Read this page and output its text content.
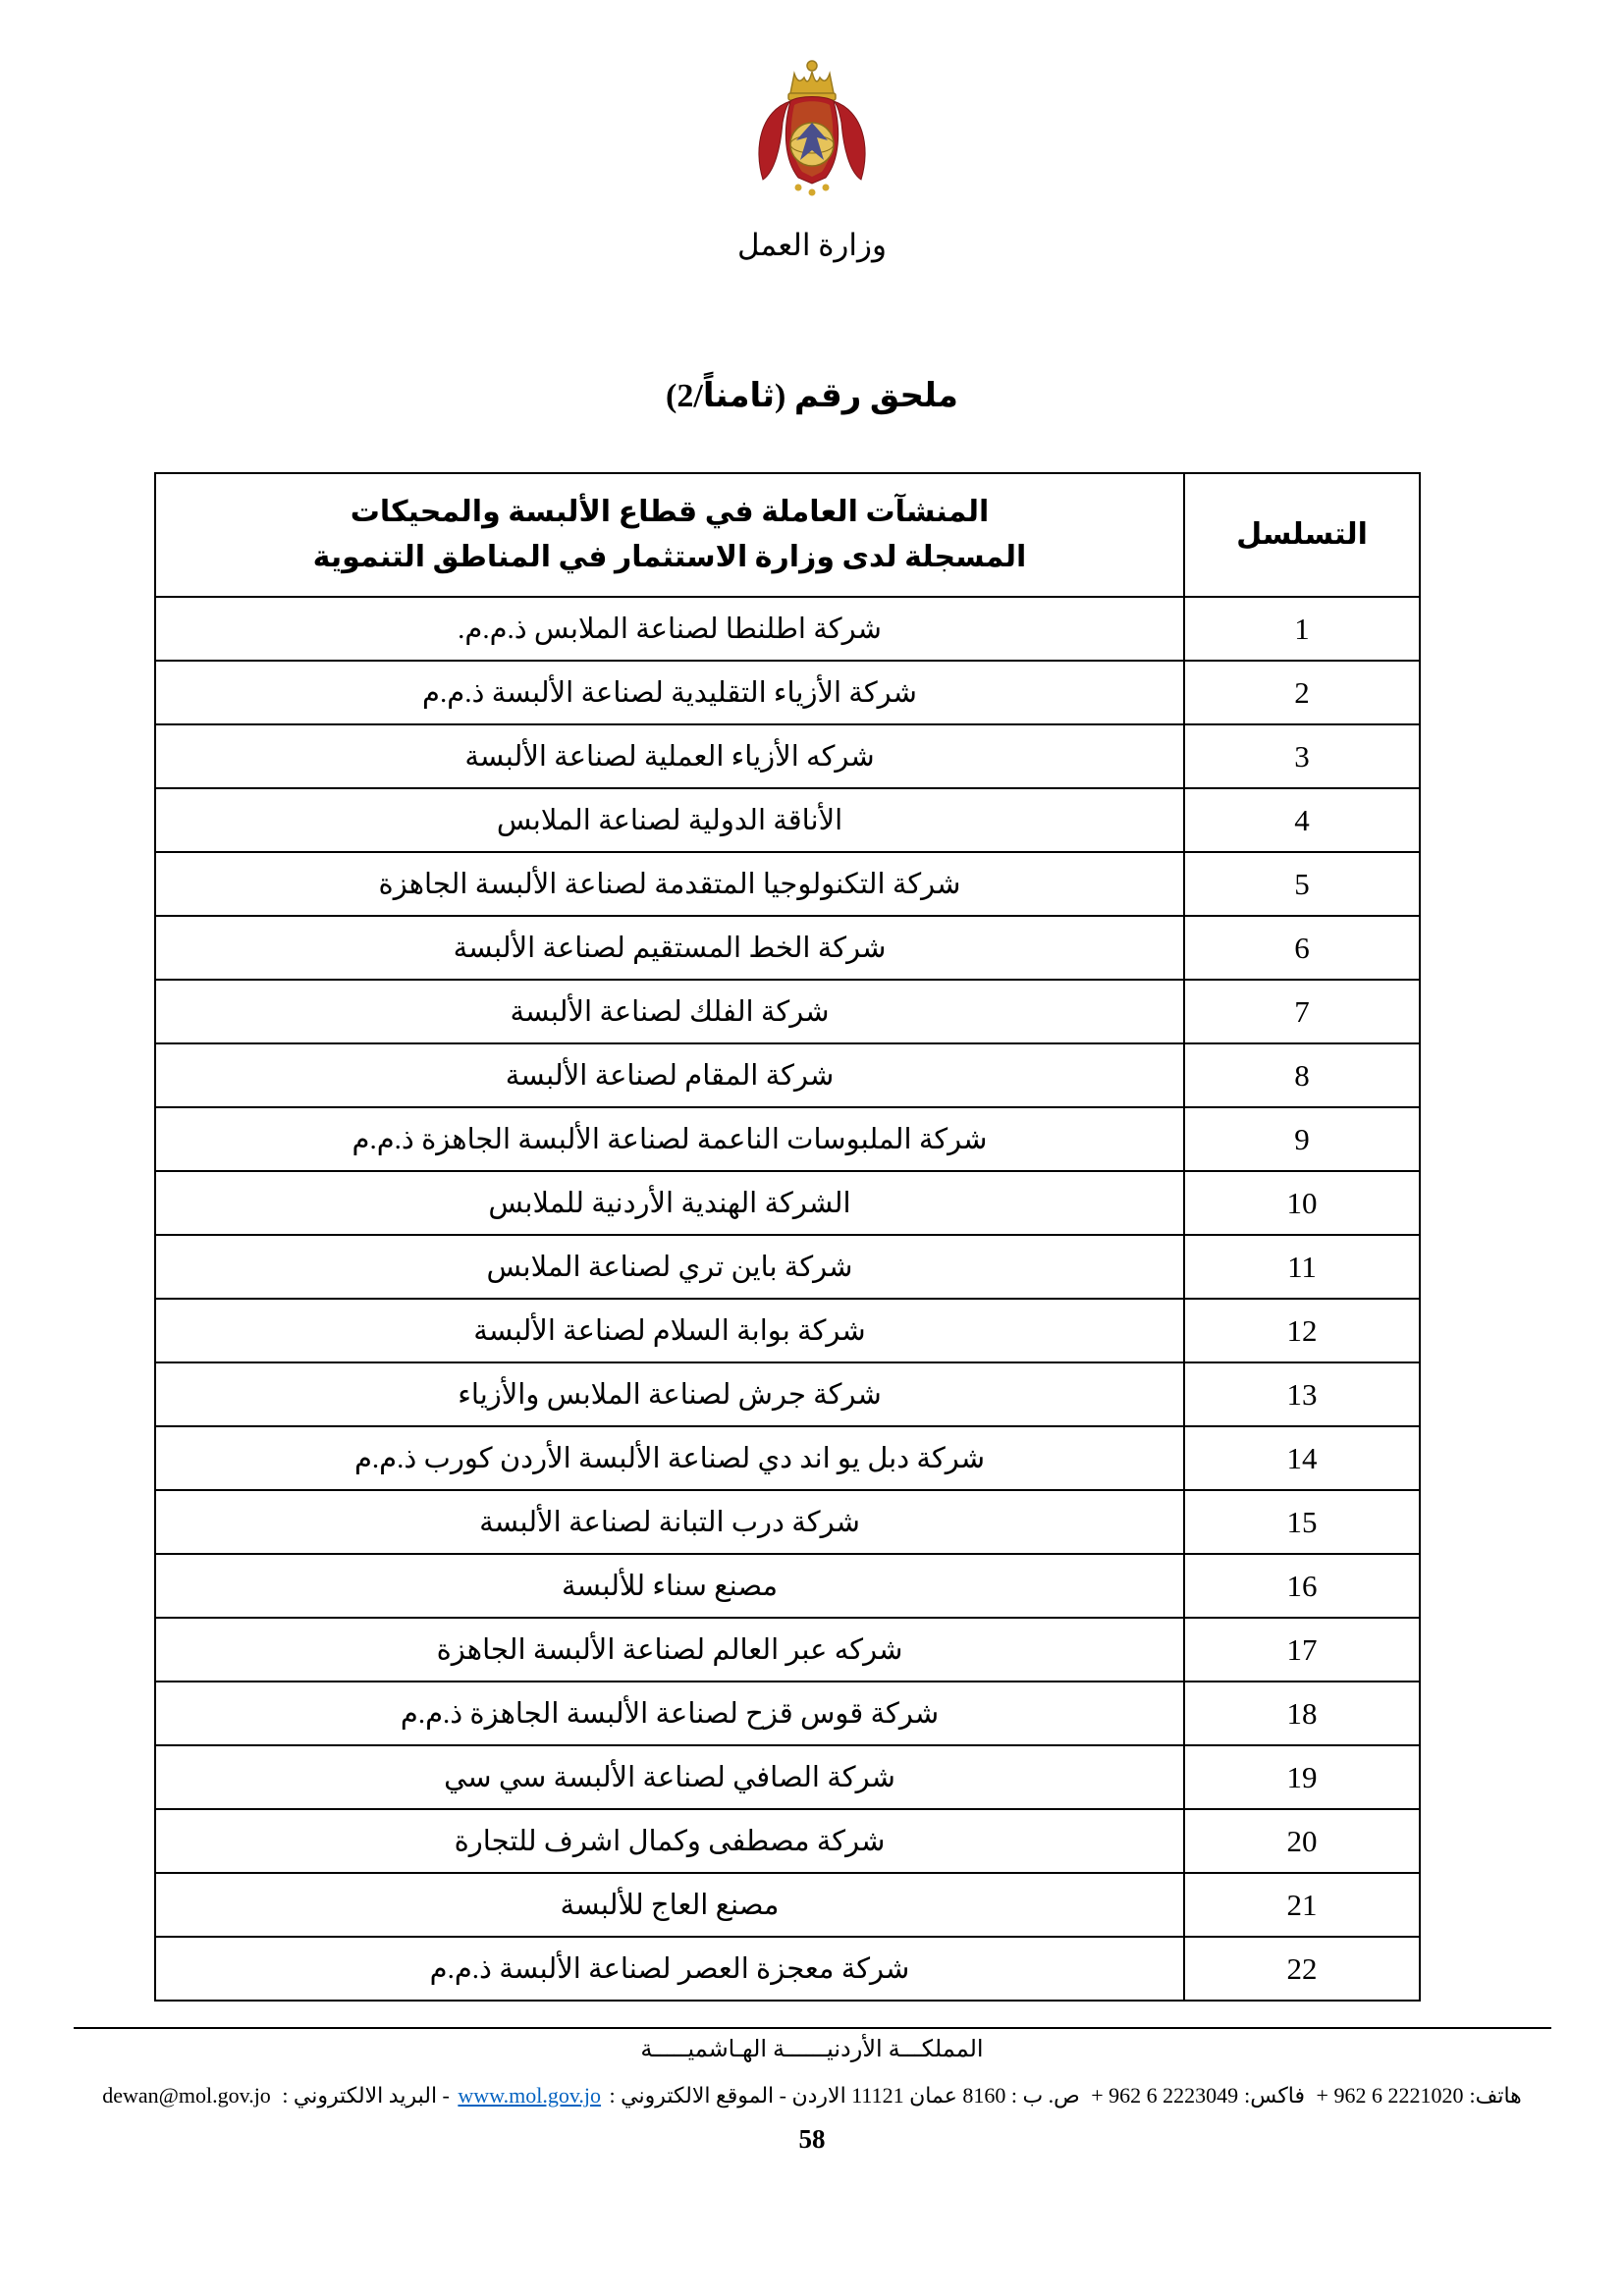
وزارة العمل
ملحق رقم (ثامناً/2)
التسلسل	المنشآت العاملة في قطاع الألبسة والمحيكات
المسجلة لدى وزارة الاستثمار في المناطق التنموية

1	شركة اطلنطا لصناعة الملابس ذ.م.م.
2	شركة الأزياء التقليدية لصناعة الألبسة ذ.م.م
3	شركه الأزياء العملية لصناعة الألبسة
4	الأناقة الدولية لصناعة الملابس
5	شركة التكنولوجيا المتقدمة لصناعة الألبسة الجاهزة
6	شركة الخط المستقيم لصناعة الألبسة
7	شركة الفلك لصناعة الألبسة
8	شركة المقام لصناعة الألبسة
9	شركة الملبوسات الناعمة لصناعة الألبسة الجاهزة ذ.م.م
10	الشركة الهندية الأردنية للملابس
11	شركة باين تري لصناعة الملابس
12	شركة بوابة السلام لصناعة الألبسة
13	شركة جرش لصناعة الملابس والأزياء
14	شركة دبل يو اند دي لصناعة الألبسة الأردن كورب ذ.م.م
15	شركة درب التبانة لصناعة الألبسة
16	مصنع سناء للألبسة
17	شركه عبر العالم لصناعة الألبسة الجاهزة
18	شركة قوس قزح لصناعة الألبسة الجاهزة ذ.م.م
19	شركة الصافي لصناعة الألبسة سي سي
20	شركة مصطفى وكمال اشرف للتجارة
21	مصنع العاج للألبسة
22	شركة معجزة العصر لصناعة الألبسة ذ.م.م
المملكـــة الأردنيــــــة الهـاشميـــــة
هاتف:+ 962 6 2221020 فاكس:+ 962 6 2223049 ص. ب : 8160 عمان 11121 الاردن - الموقع الالكتروني : www.mol.gov.jo - البريد الالكتروني : dewan@mol.gov.jo
58
